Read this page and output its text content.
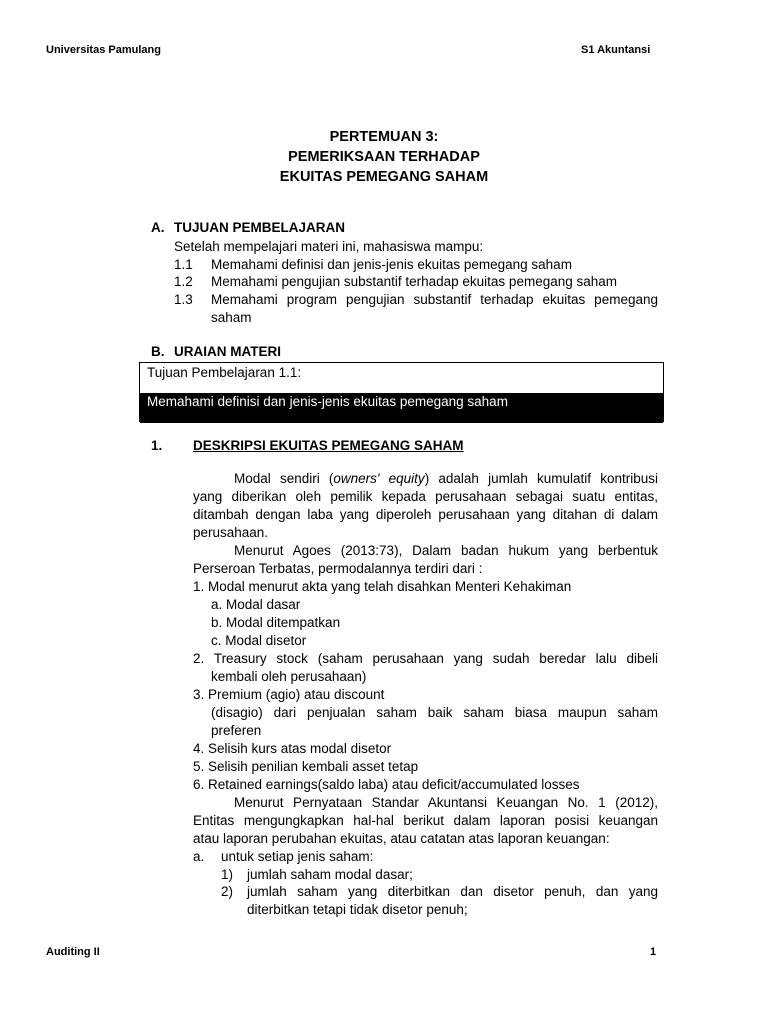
Universitas Pamulang	S1 Akuntansi
PERTEMUAN 3:
PEMERIKSAAN TERHADAP
EKUITAS PEMEGANG SAHAM
A. TUJUAN PEMBELAJARAN
Setelah mempelajari materi ini, mahasiswa mampu:
1.1 Memahami definisi dan jenis-jenis ekuitas pemegang saham
1.2 Memahami pengujian substantif terhadap ekuitas pemegang saham
1.3 Memahami program pengujian substantif terhadap ekuitas pemegang
saham
B. URAIAN MATERI
Tujuan Pembelajaran 1.1:
Memahami definisi dan jenis-jenis ekuitas pemegang saham
1. DESKRIPSI EKUITAS PEMEGANG SAHAM
Modal sendiri (owners' equity) adalah jumlah kumulatif kontribusi
yang diberikan oleh pemilik kepada perusahaan sebagai suatu entitas,
ditambah dengan laba yang diperoleh perusahaan yang ditahan di dalam
perusahaan.
Menurut Agoes (2013:73), Dalam badan hukum yang berbentuk
Perseroan Terbatas, permodalannya terdiri dari :
1. Modal menurut akta yang telah disahkan Menteri Kehakiman
a. Modal dasar
b. Modal ditempatkan
c. Modal disetor
2. Treasury stock (saham perusahaan yang sudah beredar lalu dibeli
kembali oleh perusahaan)
3. Premium (agio) atau discount
(disagio) dari penjualan saham baik saham biasa maupun saham
preferen
4. Selisih kurs atas modal disetor
5. Selisih penilian kembali asset tetap
6. Retained earnings(saldo laba) atau deficit/accumulated losses
Menurut Pernyataan Standar Akuntansi Keuangan No. 1 (2012),
Entitas mengungkapkan hal-hal berikut dalam laporan posisi keuangan
atau laporan perubahan ekuitas, atau catatan atas laporan keuangan:
a. untuk setiap jenis saham:
1) jumlah saham modal dasar;
2) jumlah saham yang diterbitkan dan disetor penuh, dan yang
diterbitkan tetapi tidak disetor penuh;
Auditing II	1
